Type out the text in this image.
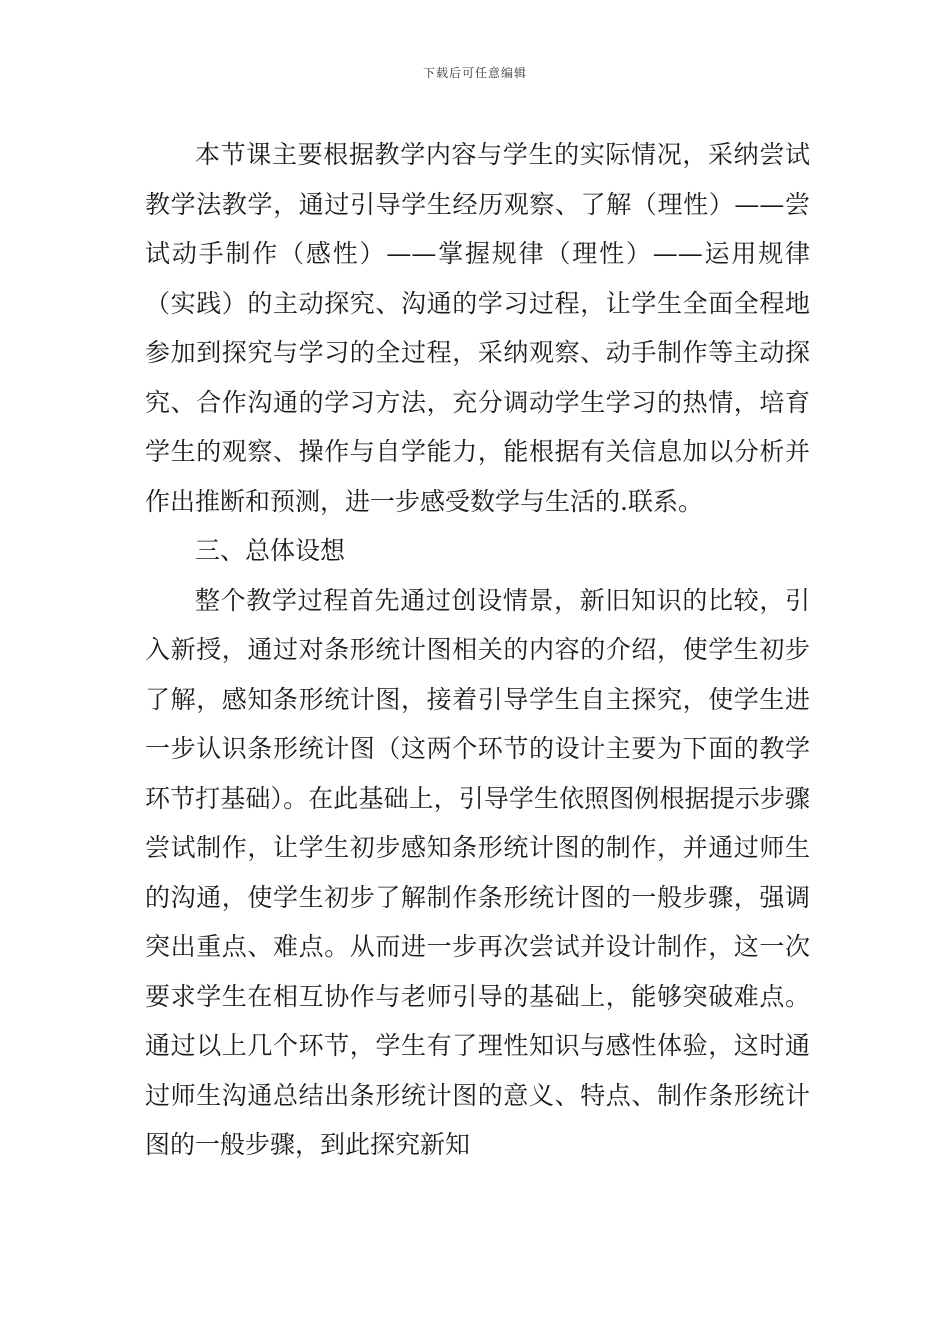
下载后可任意编辑

本节课主要根据教学内容与学生的实际情况，采纳尝试教学法教学，通过引导学生经历观察、了解（理性）——尝试动手制作（感性）——掌握规律（理性）——运用规律（实践）的主动探究、沟通的学习过程，让学生全面全程地参加到探究与学习的全过程，采纳观察、动手制作等主动探究、合作沟通的学习方法，充分调动学生学习的热情，培育学生的观察、操作与自学能力，能根据有关信息加以分析并作出推断和预测，进一步感受数学与生活的.联系。

三、总体设想

整个教学过程首先通过创设情景，新旧知识的比较，引入新授，通过对条形统计图相关的内容的介绍，使学生初步了解，感知条形统计图，接着引导学生自主探究，使学生进一步认识条形统计图（这两个环节的设计主要为下面的教学环节打基础）。在此基础上，引导学生依照图例根据提示步骤尝试制作，让学生初步感知条形统计图的制作，并通过师生的沟通，使学生初步了解制作条形统计图的一般步骤，强调突出重点、难点。从而进一步再次尝试并设计制作，这一次要求学生在相互协作与老师引导的基础上，能够突破难点。通过以上几个环节，学生有了理性知识与感性体验，这时通过师生沟通总结出条形统计图的意义、特点、制作条形统计图的一般步骤，到此探究新知
